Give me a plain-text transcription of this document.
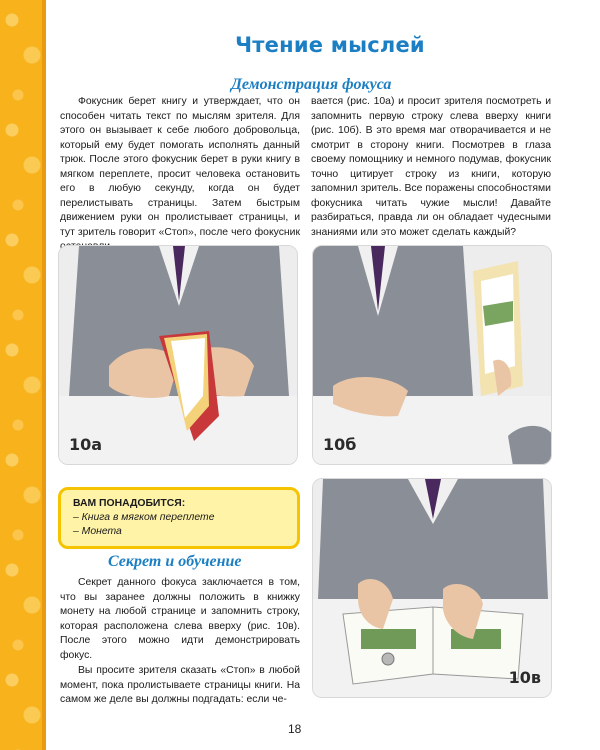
Чтение мыслей
Демонстрация фокуса

Фокусник берет книгу и утверждает, что он способен читать текст по мыслям зрителя. Для этого он вызывает к себе любого добровольца, который ему будет помогать исполнять данный трюк. После этого фокусник берет в руки книгу в мягком переплете, просит человека остановить его в любую секунду, когда он будет перелистывать страницы. Затем быстрым движением руки он пролистывает страницы, и тут зритель говорит «Стоп», после чего фокусник

вается (рис. 10а) и просит зрителя посмотреть и запомнить первую строку слева вверху книги (рис. 10б). В это время маг отворачивается и не смотрит в сторону книги. Посмотрев в глаза своему помощнику и немного подумав, фокусник точно цитирует строку из книги, которую запомнил зритель. Все поражены способностями фокусника читать чужие мысли! Давайте разбираться, правда ли он обладает чудесными знаниями или это может сделать каждый?

10а	10б
ВАМ ПОНАДОБИТСЯ:
– Книга в мягком переплете
– Монета
Секрет и обучение

Секрет данного фокуса заключается в том, что вы заранее должны положить в книжку монету на любой странице и запомнить строку, которая расположена слева вверху (рис. 10в). После этого можно идти демонстрировать фокус.

Вы просите зрителя сказать «Стоп» в любой момент, пока пролистываете страницы книги. На самом же деле вы должны подгадать: если че-

10в
18
